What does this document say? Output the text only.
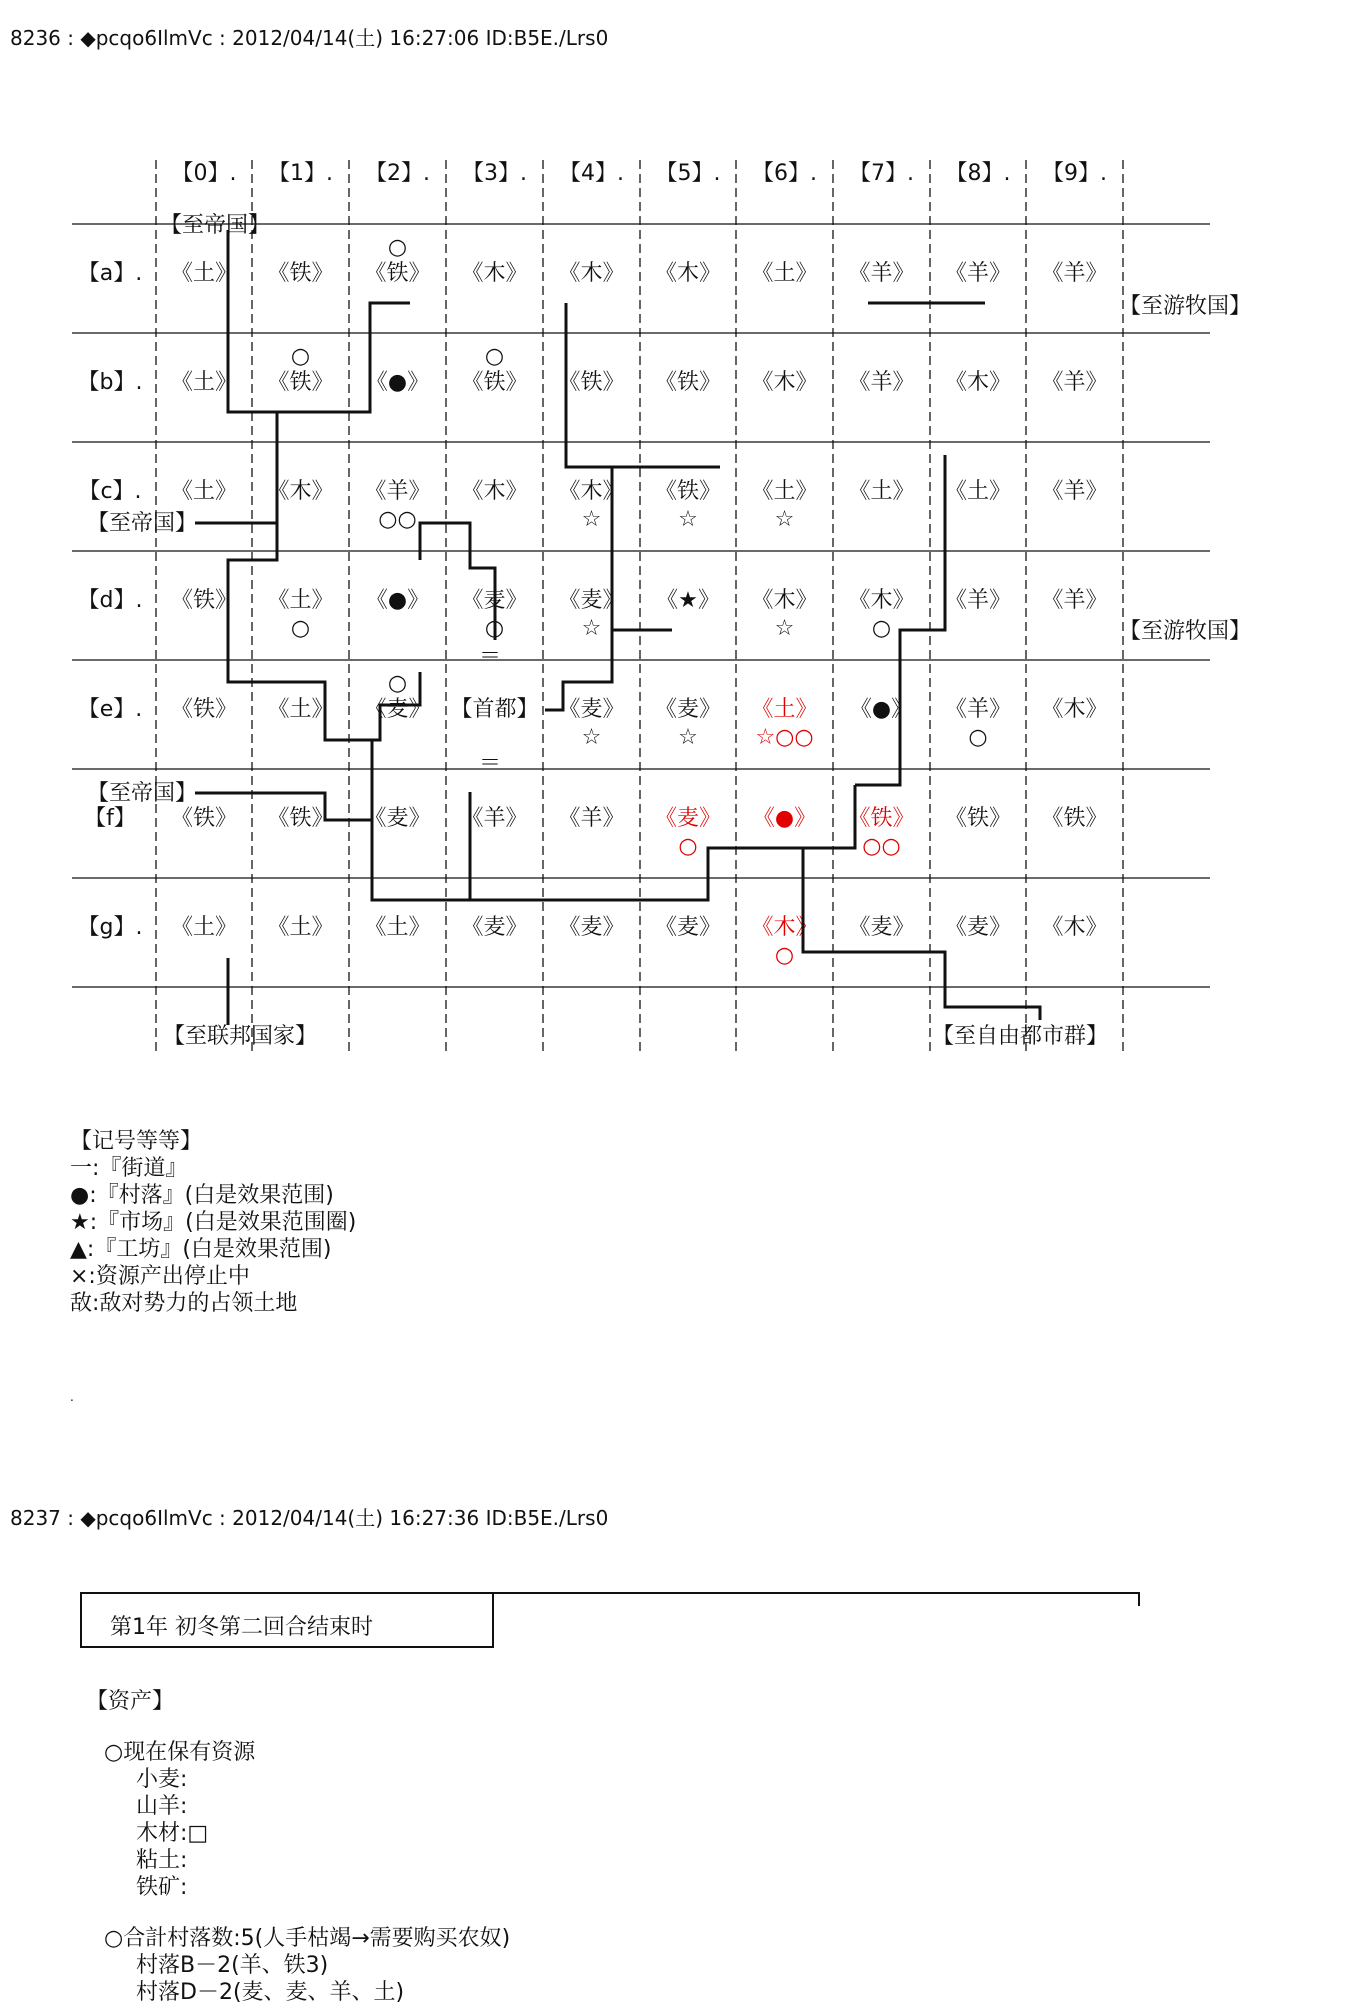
8236 : ◆pcqo6IlmVc : 2012/04/14(土) 16:27:06 ID:B5E./Lrs0
【0】. 【1】. 【2】. 【3】. 【4】. 【5】. 【6】. 【7】. 【8】. 【9】.
【a】.
【b】.
【c】.
【d】.
【e】.
【f】
【g】.
《土》 《铁》 《铁》
○
《木》 《木》 《木》 《土》 《羊》 《羊》 《羊》
《土》 《铁》
○
《●》 《铁》
○
《铁》 《铁》 《木》 《羊》 《木》 《羊》
《土》 《木》 《羊》
○○
《木》 《木》
☆
《铁》
☆
《土》
☆
《土》 《土》 《羊》
《铁》 《土》
○
《●》 《麦》
○
《麦》
☆
《★》 《木》
☆
《木》
○
《羊》 《羊》
《铁》 《土》 《麦》
○
【首都】 《麦》
☆
《麦》
☆
《土》
☆○○
《●》 《羊》
○
《木》
《铁》 《铁》 《麦》 《羊》 《羊》 《麦》
○
《●》 《铁》
○○
《铁》 《铁》
《土》 《土》 《土》 《麦》 《麦》 《麦》 《木》
○
《麦》 《麦》 《木》
＝
＝
【至帝国】
【至帝国】
【至帝国】
【至游牧国】
【至游牧国】
【至联邦国家】	【至自由都市群】
【记号等等】
一:『街道』
●:『村落』(白是效果范围)
★:『市场』(白是效果范围圈)
▲:『工坊』(白是效果范围)
×:资源产出停止中
敌:敌对势力的占领土地
.
8237 : ◆pcqo6IlmVc : 2012/04/14(土) 16:27:36 ID:B5E./Lrs0
第1年 初冬第二回合结束时
【资产】
○现在保有资源
小麦:
山羊:
木材:□
粘土:
铁矿:
○合計村落数:5(人手枯竭→需要购买农奴)
村落B－2(羊、铁3)
村落D－2(麦、麦、羊、土)
